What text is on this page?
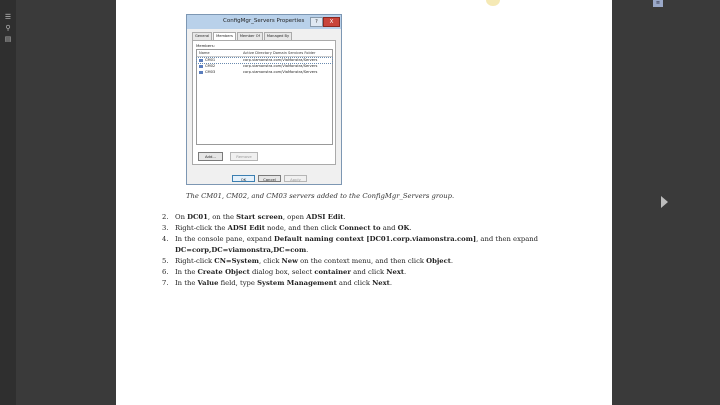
☰
⚲
▤
≡
ConfigMgr_Servers Properties	?	X
General	Members	Member Of	Managed By
Members:
Name	Active Directory Domain Services Folder
CM01	corp.viamonstra.com/ViaMonstra/Servers
CM02	corp.viamonstra.com/ViaMonstra/Servers
CM03	corp.viamonstra.com/ViaMonstra/Servers
Add...	Remove
OK	Cancel	Apply
The CM01, CM02, and CM03 servers added to the ConfigMgr_Servers group.
2. On DC01, on the Start screen, open ADSI Edit.
3. Right-click the ADSI Edit node, and then click Connect to and OK.
4. In the console pane, expand Default naming context [DC01.corp.viamonstra.com], and then expand DC=corp,DC=viamonstra,DC=com.
5. Right-click CN=System, click New on the context menu, and then click Object.
6. In the Create Object dialog box, select container and click Next.
7. In the Value field, type System Management and click Next.
